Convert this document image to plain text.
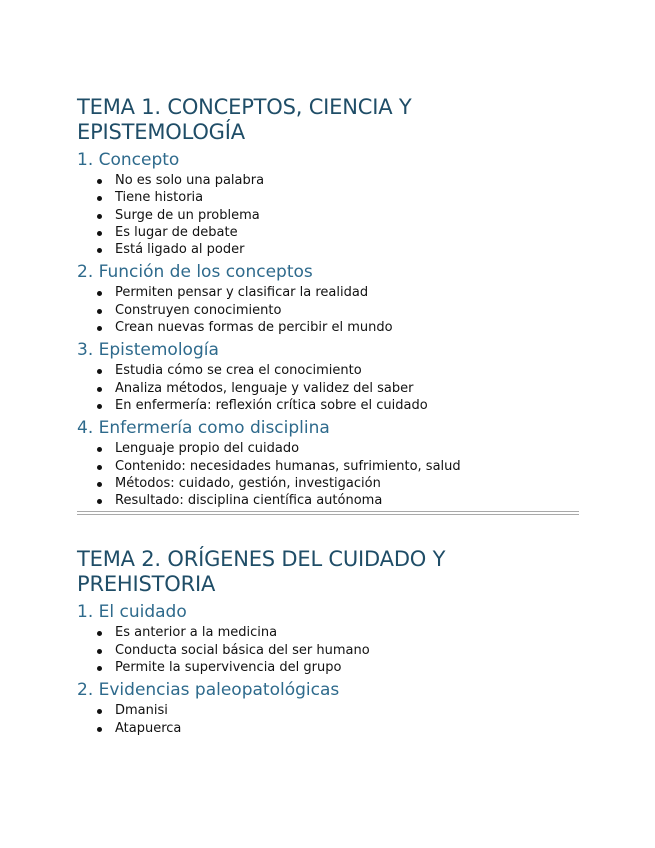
TEMA 1. CONCEPTOS, CIENCIA Y EPISTEMOLOGÍA
1. Concepto
No es solo una palabra
Tiene historia
Surge de un problema
Es lugar de debate
Está ligado al poder
2. Función de los conceptos
Permiten pensar y clasificar la realidad
Construyen conocimiento
Crean nuevas formas de percibir el mundo
3. Epistemología
Estudia cómo se crea el conocimiento
Analiza métodos, lenguaje y validez del saber
En enfermería: reflexión crítica sobre el cuidado
4. Enfermería como disciplina
Lenguaje propio del cuidado
Contenido: necesidades humanas, sufrimiento, salud
Métodos: cuidado, gestión, investigación
Resultado: disciplina científica autónoma
TEMA 2. ORÍGENES DEL CUIDADO Y PREHISTORIA
1. El cuidado
Es anterior a la medicina
Conducta social básica del ser humano
Permite la supervivencia del grupo
2. Evidencias paleopatológicas
Dmanisi
Atapuerca
